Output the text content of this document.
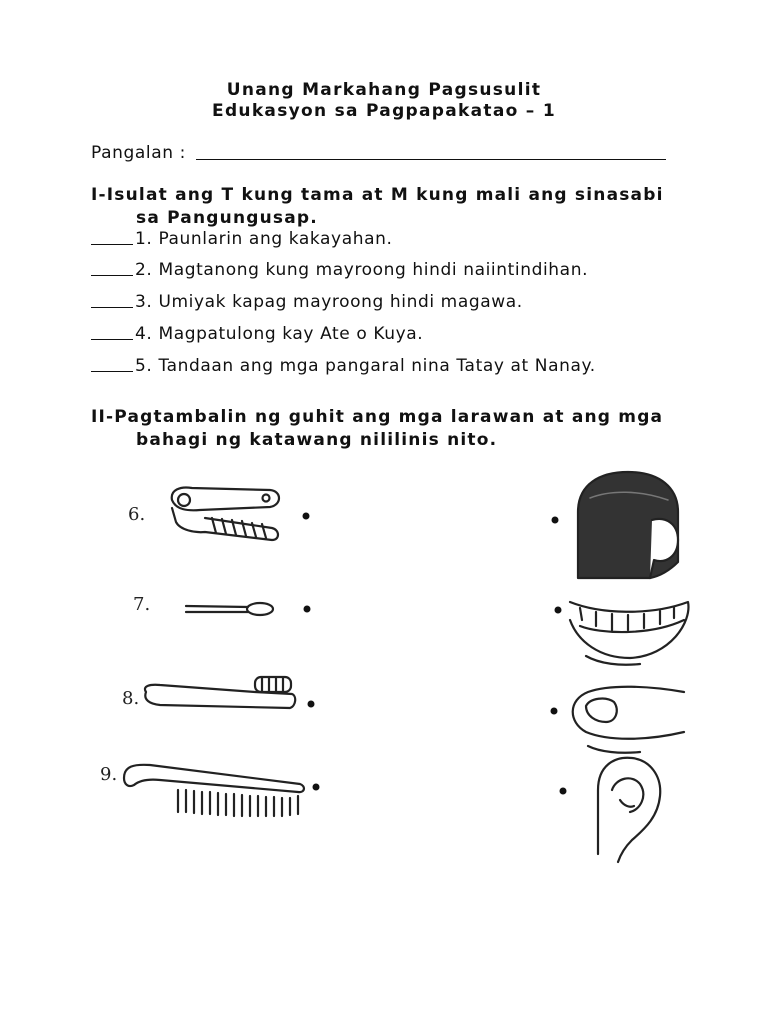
Unang Markahang Pagsusulit
Edukasyon sa Pagpapakatao – 1
Pangalan :
I-Isulat ang T kung tama at M kung mali ang sinasabi
sa Pangungusap.
1. Paunlarin ang kakayahan.
2. Magtanong kung mayroong hindi naiintindihan.
3. Umiyak kapag mayroong hindi magawa.
4. Magpatulong kay Ate o Kuya.
5. Tandaan ang mga pangaral nina Tatay at Nanay.
II-Pagtambalin ng guhit ang mga larawan at ang mga
bahagi ng katawang nililinis nito.
6.
7.
8.
9.
